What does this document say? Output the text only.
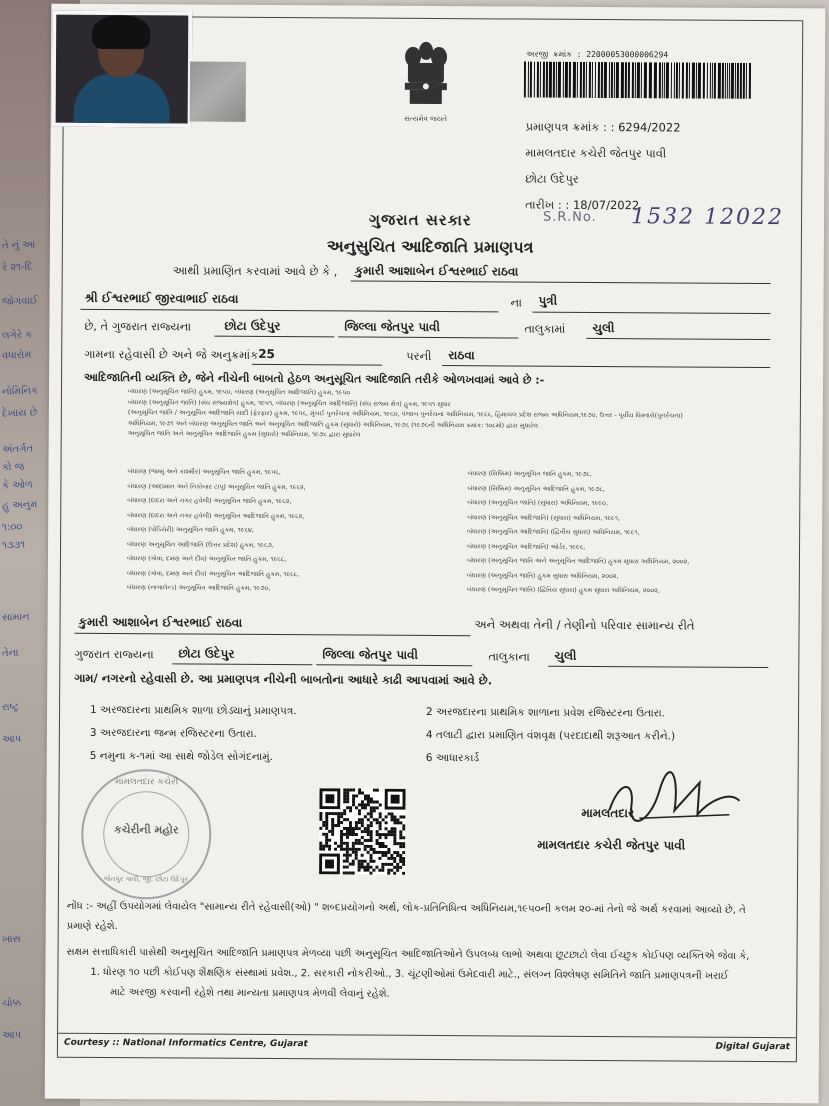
તે નું આ
રે ૨૧-દિ
જોગવાઈ
લગેરે ક
વધારોમ
નોમિનિક
દેખાય છે
અંતર્ગત
કો જ
કે ઓળ
હુ અનુમ
૧:૦૦
૧૩૩૧
સામાન
તેના
રાષ્ટ્ર
આપ
ખાસ
ચોક્ક
આપ
સત્યમેવ જયતે
અરજી ક્રમાંક : 22000053000006294
પ્રમાણપત્ર ક્રમાંક : : 6294/2022
મામલતદાર કચેરી જેતપુર પાવી
છોટા ઉદેપુર
તારીખ : : 18/07/2022
ગુજરાત સરકાર	S.R.No. 1532 12022
અનુસુચિત આદિજાતિ પ્રમાણપત્ર
આથી પ્રમાણિત કરવામાં આવે છે કે , કુમારી આશાબેન ઈશ્વરભાઈ રાઠવા
શ્રી ઈશ્વરભાઈ જીરવાભાઈ રાઠવા	ના પુત્રી
છે, તે ગુજરાત રાજ્યના	છોટા ઉદેપુર	જિલ્લા જેતપુર પાવી	તાલુકામાં ચુલી
ગામના રહેવાસી છે અને જે અનુક્રમાંક 25	પરની રાઠવા
આદિજાતિની વ્યક્તિ છે, જેને નીચેની બાબતો હેઠળ અનુસૂચિત આદિજાતિ તરીકે ઓળખવામાં આવે છે :-
બંધારણ (અનુસૂચિત જાતિ) હુકમ, ૧૯૫૦, બંધારણ (અનુસૂચિત આદિજાતિ) હુકમ, ૧૯૫૦
બંધારણ (અનુસૂચિત જાતિ) (સંઘ રાજ્યક્ષેત્ર) હુકમ, ૧૯૫૧, બંધારણ (અનુસૂચિત આદિજાતિ) (સંઘ રાજ્ય ક્ષેત્ર) હુકમ, ૧૯૫૧ સુધાર
(અનુસૂચિત જાતિ / અનુસૂચિત આદિજાતિ યાદી (ફેરફાર) હુકમ, ૧૯૫૬, મુંબઈ પુનર્રચના અધિનિયમ, ૧૯૬૦, પંજાબ પુનર્રચના અધિનિયમ, ૧૯૬૬, હિમાચલ પ્રદેશ રાજ્ય અધિનિયમ,૧૯૭૦, ઉત્તર - પૂર્વીય વિસ્તારો(પુનર્રચના)
અધિનિયમ, ૧૯૭૧ અને બંધારણ અનુસૂચિત જાતિ અને અનુસૂચિત આદિજાતિ હુકમ (સુધારો) અધિનિયમ, ૧૯૭૬ (૧૯૭૬ની અધિનિયમ ક્રમાંક: ૧૦૮મો) દ્વારા સુધારેલ
અનુસૂચિત જાતિ અને અનુસૂચિત આદિજાતિ હુકમ (સુધારો) અધિનિયમ, ૧૯૭૬ દ્વારા સુધારેલ
બંધારણ (જમ્મુ અને કાશ્મીર) અનુસૂચિત જાતિ હુકમ, ૧૯૫૬,
બંધારણ (આંદામાન અને નિકોબાર ટાપુ) અનુસૂચિત જાતિ હુકમ, ૧૯૬૨,
બંધારણ (દાદરા અને નગર હવેલી) અનુસૂચિત જાતિ હુકમ, ૧૯૬૨,
બંધારણ (દાદરા અને નગર હવેલી) અનુસૂચિત આદિજાતિ હુકમ, ૧૯૬૨,
બંધારણ (પોંડિચેરી) અનુસૂચિત જાતિ હુકમ, ૧૯૬૪,
બંધારણ અનુસૂચિત આદિજાતિ (ઉત્તર પ્રદેશ) હુકમ, ૧૯૬૭,
બંધારણ (ગોવા, દમણ અને દીવ) અનુસૂચિત જાતિ હુકમ, ૧૯૬૮,
બંધારણ (ગોવા, દમણ અને દીવ) અનુસૂચિત આદિજાતિ હુકમ, ૧૯૬૮,
બંધારણ (નાગાલેન્ડ) અનુસૂચિત આદિજાતિ હુકમ, ૧૯૭૦,
બંધારણ (સિક્કિમ) અનુસૂચિત જાતિ હુકમ, ૧૯૭૮,
બંધારણ (સિક્કિમ) અનુસૂચિત આદિજાતિ હુકમ, ૧૯૭૮,
બંધારણ (અનુસૂચિત જાતિ) (સુધારા) અધિનિયમ, ૧૯૯૦,
બંધારણ (અનુસૂચિત આદિજાતિ) (સુધારા) અધિનિયમ, ૧૯૯૧,
બંધારણ (અનુસૂચિત આદિજાતિ) (દ્વિતીય સુધારા) અધિનિયમ, ૧૯૯૧,
બંધારણ (અનુસૂચિત આદિજાતિ) ઓર્ડર, ૧૯૯૬,
બંધારણ (અનુસૂચિત જાતિ અને અનુસૂચિત આદિજાતિ) હુકમ સુધારા અધિનિયમ, ૨૦૦૨,
બંધારણ (અનુસૂચિત જાતિ) હુકમ સુધારા અધિનિયમ, ૨૦૦૨,
બંધારણ (અનુસૂચિત જાતિ) (દ્વિતિય સુધારા) હુકમ સુધારા અધિનિયમ, ૨૦૦૨,
કુમારી આશાબેન ઈશ્વરભાઈ રાઠવા	અને અથવા તેની / તેણીનો પરિવાર સામાન્ય રીતે
ગુજરાત રાજ્યના છોટા ઉદેપુર	જિલ્લા જેતપુર પાવી	તાલુકાના ચુલી
ગામ/ નગરનો રહેવાસી છે. આ પ્રમાણપત્ર નીચેની બાબતોના આધારે કાઢી આપવામાં આવે છે.
1 અરજદારના પ્રાથમિક શાળા છોડ્યાનું પ્રમાણપત્ર.
3 અરજદારના જન્મ રજિસ્ટરના ઉતારા.
5 નમુના ક-૧માં આ સાથે જોડેલ સોગંદનામું.
2 અરજદારના પ્રાથમિક શાળાના પ્રવેશ રજિસ્ટરના ઉતારા.
4 તલાટી દ્વારા પ્રમાણિત વંશવૃક્ષ (પરદાદાથી શરૂઆત કરીને.)
6 આધારકાર્ડ
મામલતદાર કચેરી
કચેરીની મહોર
જેતપુર પાવી, જી. છોટા ઉદેપુર
મામલતદાર
મામલતદાર કચેરી જેતપુર પાવી
નોંધ :- અહીં ઉપયોગમાં લેવાયેલ "સામાન્ય રીતે રહેવાસી(ઓ) " શબ્દપ્રયોગનો અર્થ, લોક-પ્રતિનિધિત્વ અધિનિયમ,૧૯૫૦ની કલમ ૨૦-માં તેનો જે અર્થ કરવામાં આવ્યો છે, તે
પ્રમાણે રહેશે.
સક્ષમ સત્તાધિકારી પાસેથી અનુસૂચિત આદિજાતિ પ્રમાણપત્ર મેળવ્યા પછી અનુસૂચિત આદિજાતિઓને ઉપલબ્ધ લાભો અથવા છૂટછાટો લેવા ઈચ્છુક કોઈપણ વ્યક્તિએ જેવા કે,
1. ધોરણ ૧૦ પછી કોઈપણ શૈક્ષણિક સંસ્થામાં પ્રવેશ., 2. સરકારી નોકરીઓ., 3. ચૂંટણીઓમાં ઉમેદવારી માટે., સંલગ્ન વિશ્લેષણ સમિતિને જાતિ પ્રમાણપત્રની ખરાઈ
માટે અરજી કરવાની રહેશે તથા માન્યતા પ્રમાણપત્ર મેળવી લેવાનું રહેશે.
Courtesy :: National Informatics Centre, Gujarat	Digital Gujarat
